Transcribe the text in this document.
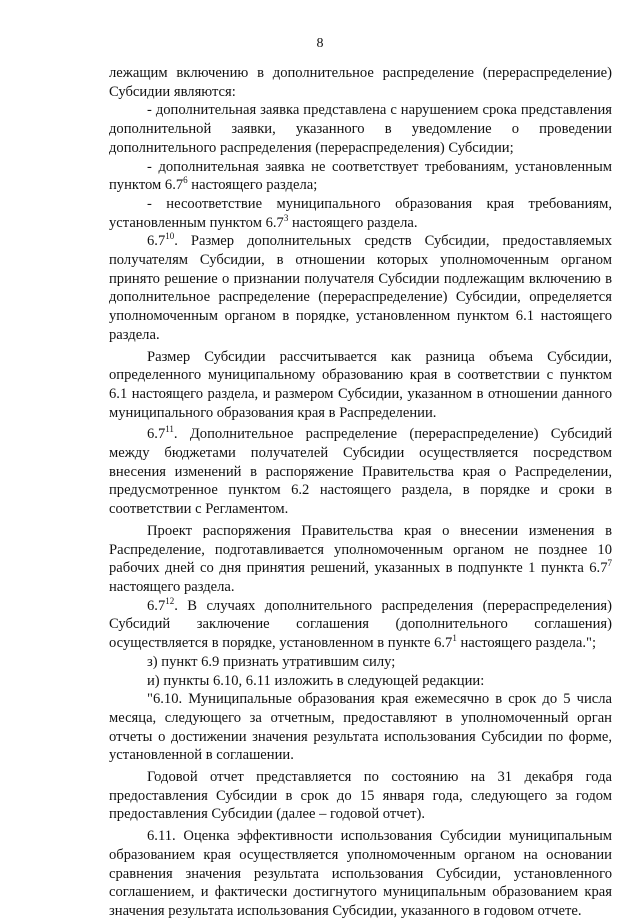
8

лежащим включению в дополнительное распределение (перераспределение) Субсидии являются:

- дополнительная заявка представлена с нарушением срока представления дополнительной заявки, указанного в уведомление о проведении дополнительного распределения (перераспределения) Субсидии;

- дополнительная заявка не соответствует требованиям, установленным пунктом $6.7^6$ настоящего раздела;

- несоответствие муниципального образования края требованиям, установленным пунктом $6.7^3$ настоящего раздела.

$6.7^{10}$. Размер дополнительных средств Субсидии, предоставляемых получателям Субсидии, в отношении которых уполномоченным органом принято решение о признании получателя Субсидии подлежащим включению в дополнительное распределение (перераспределение) Субсидии, определяется уполномоченным органом в порядке, установленном пунктом 6.1 настоящего раздела.

Размер Субсидии рассчитывается как разница объема Субсидии, определенного муниципальному образованию края в соответствии с пунктом 6.1 настоящего раздела, и размером Субсидии, указанном в отношении данного муниципального образования края в Распределении.

$6.7^{11}$. Дополнительное распределение (перераспределение) Субсидий между бюджетами получателей Субсидии осуществляется посредством внесения изменений в распоряжение Правительства края о Распределении, предусмотренное пунктом 6.2 настоящего раздела, в порядке и сроки в соответствии с Регламентом.

Проект распоряжения Правительства края о внесении изменения в Распределение, подготавливается уполномоченным органом не позднее 10 рабочих дней со дня принятия решений, указанных в подпункте 1 пункта $6.7^7$ настоящего раздела.

$6.7^{12}$. В случаях дополнительного распределения (перераспределения) Субсидий заключение соглашения (дополнительного соглашения) осуществляется в порядке, установленном в пункте $6.7^1$ настоящего раздела.";

з) пункт 6.9 признать утратившим силу;

и) пункты 6.10, 6.11 изложить в следующей редакции:

"6.10. Муниципальные образования края ежемесячно в срок до 5 числа месяца, следующего за отчетным, предоставляют в уполномоченный орган отчеты о достижении значения результата использования Субсидии по форме, установленной в соглашении.

Годовой отчет представляется по состоянию на 31 декабря года предоставления Субсидии в срок до 15 января года, следующего за годом предоставления Субсидии (далее – годовой отчет).

6.11. Оценка эффективности использования Субсидии муниципальным образованием края осуществляется уполномоченным органом на основании сравнения значения результата использования Субсидии, установленного соглашением, и фактически достигнутого муниципальным образованием края значения результата использования Субсидии, указанного в годовом отчете.
